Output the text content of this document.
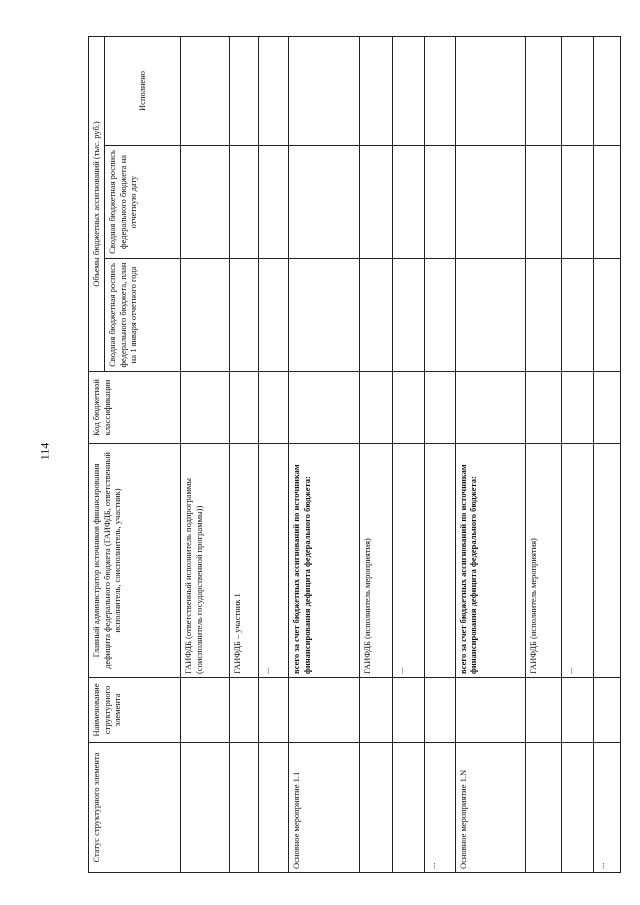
114
Статус структурного элемента	Наименование структурного элемента	Главный администратор источников финансирования дефицита федерального бюджета (ГАИФДБ, ответственный исполнитель, соисполнитель, участник)	Код бюджетной классификации	Объемы бюджетных ассигнований (тыс. руб.)		
				Сводная бюджетная роспись федерального бюджета, план на 1 января отчетного года	Сводная бюджетная роспись федерального бюджета на отчетную дату	Исполнено
		ГАИФДБ (ответственный исполнитель подпрограммы (соисполнитель государственной программы))				
		ГАИФДБ – участник 1				
		...				
Основное мероприятие 1.1		всего за счет бюджетных ассигнований по источникам финансирования дефицита федерального бюджета:				
		ГАИФДБ (исполнитель мероприятия)				
		...				
...						
Основное мероприятие 1.N		всего за счет бюджетных ассигнований по источникам финансирования дефицита федерального бюджета:				
		ГАИФДБ (исполнитель мероприятия)				
		...				
...						
